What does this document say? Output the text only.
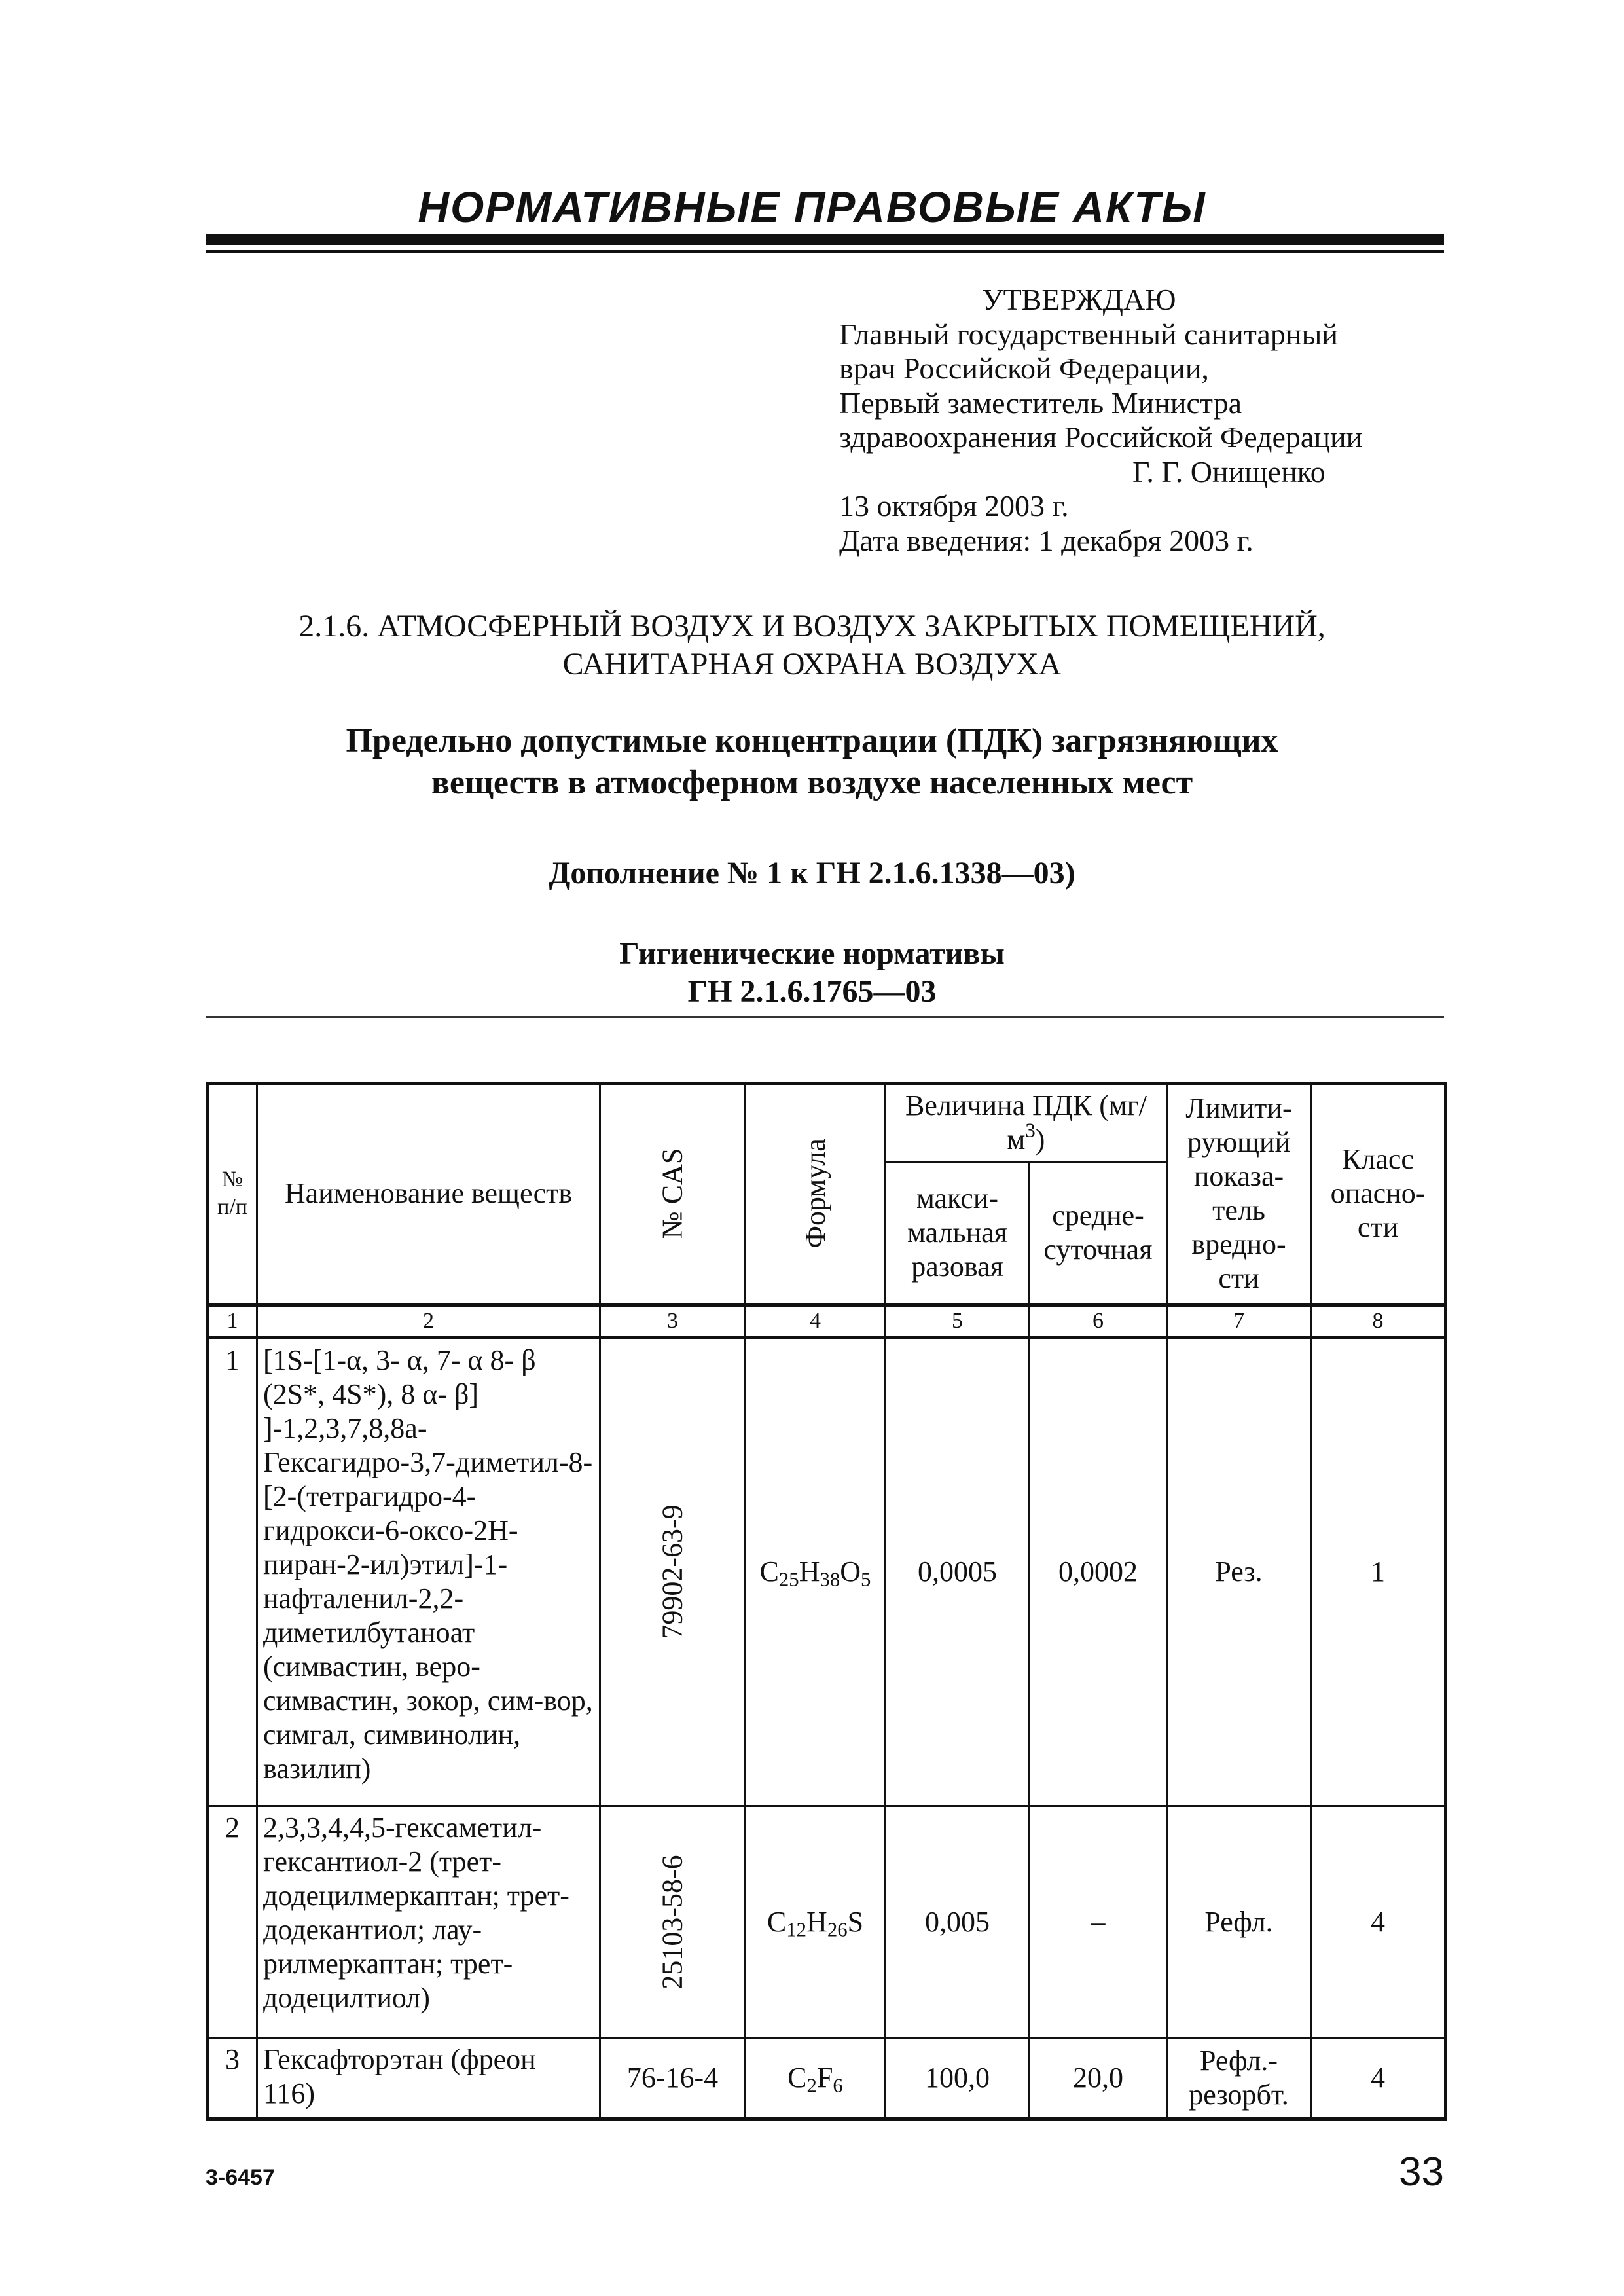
НОРМАТИВНЫЕ ПРАВОВЫЕ АКТЫ
УТВЕРЖДАЮ
Главный государственный санитарный
врач Российской Федерации,
Первый заместитель Министра
здравоохранения Российской Федерации
Г. Г. Онищенко
13 октября 2003 г.
Дата введения: 1 декабря 2003 г.
2.1.6. АТМОСФЕРНЫЙ ВОЗДУХ И ВОЗДУХ ЗАКРЫТЫХ ПОМЕЩЕНИЙ,
САНИТАРНАЯ ОХРАНА ВОЗДУХА
Предельно допустимые концентрации (ПДК) загрязняющих
веществ в атмосферном воздухе населенных мест
Дополнение № 1 к ГН 2.1.6.1338—03)
Гигиенические нормативы
ГН 2.1.6.1765—03
№ п/п	Наименование веществ	№ CAS	Формула	Величина ПДК $(мг/м^3)$		Лимити- рующий показа- тель вредно- сти	Класс опасно- сти
				макси- мальная разовая	средне- суточная		
1	2	3	4	5	6	7	8
1	[1S-[1-α, 3- α, 7- α 8- β (2S*, 4S*), 8 α- β] ]-1,2,3,7,8,8а-Гексагидро-3,7-диметил-8-[2-(тетрагидро-4-гидрокси-6-оксо-2Н-пиран-2-ил)этил]-1-нафталенил-2,2-диметилбутаноат (симвастин, веро-симвастин, зокор, сим-вор, симгал, симвинолин, вазилип)	79902-63-9	$C_{25}H_{38}O_5$	0,0005	0,0002	Рез.	1
2	2,3,3,4,4,5-гексаметил-гексантиол-2 (трет-додецилмеркаптан; трет-додекантиол; лау-рилмеркаптан; трет-додецилтиол)	25103-58-6	$C_{12}H_{26}S$	0,005	–	Рефл.	4
3	Гексафторэтан (фреон 116)	76-16-4	$C_2F_6$	100,0	20,0	Рефл.- резорбт.	4
3-6457	33
